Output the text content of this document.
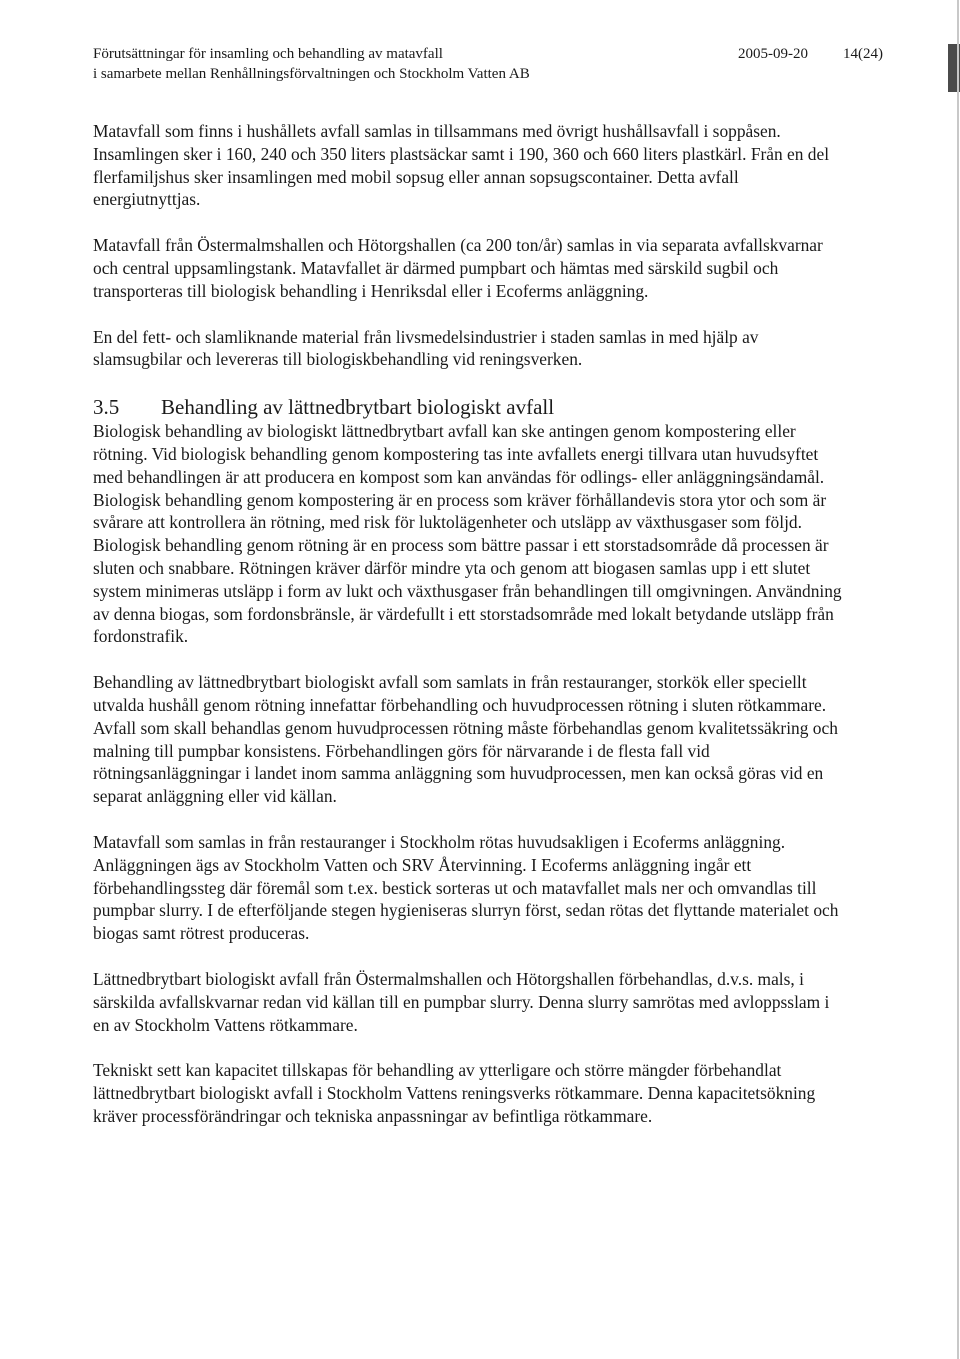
Förutsättningar för insamling och behandling av matavfall
i samarbete mellan Renhållningsförvaltningen och Stockholm Vatten AB
2005-09-20 14(24)

Matavfall som finns i hushållets avfall samlas in tillsammans med övrigt hushållsavfall i soppåsen. Insamlingen sker i 160, 240 och 350 liters plastsäckar samt i 190, 360 och 660 liters plastkärl. Från en del flerfamiljshus sker insamlingen med mobil sopsug eller annan sopsugscontainer. Detta avfall energiutnyttjas.

Matavfall från Östermalmshallen och Hötorgshallen (ca 200 ton/år) samlas in via separata avfallskvarnar och central uppsamlingstank. Matavfallet är därmed pumpbart och hämtas med särskild sugbil och transporteras till biologisk behandling i Henriksdal eller i Ecoferms anläggning.

En del fett- och slamliknande material från livsmedelsindustrier i staden samlas in med hjälp av slamsugbilar och levereras till biologiskbehandling vid reningsverken.

3.5 Behandling av lättnedbrytbart biologiskt avfall

Biologisk behandling av biologiskt lättnedbrytbart avfall kan ske antingen genom kompostering eller rötning. Vid biologisk behandling genom kompostering tas inte avfallets energi tillvara utan huvudsyftet med behandlingen är att producera en kompost som kan användas för odlings- eller anläggningsändamål. Biologisk behandling genom kompostering är en process som kräver förhållandevis stora ytor och som är svårare att kontrollera än rötning, med risk för luktolägenheter och utsläpp av växthusgaser som följd. Biologisk behandling genom rötning är en process som bättre passar i ett storstadsområde då processen är sluten och snabbare. Rötningen kräver därför mindre yta och genom att biogasen samlas upp i ett slutet system minimeras utsläpp i form av lukt och växthusgaser från behandlingen till omgivningen. Användning av denna biogas, som fordonsbränsle, är värdefullt i ett storstadsområde med lokalt betydande utsläpp från fordonstrafik.

Behandling av lättnedbrytbart biologiskt avfall som samlats in från restauranger, storkök eller speciellt utvalda hushåll genom rötning innefattar förbehandling och huvudprocessen rötning i sluten rötkammare. Avfall som skall behandlas genom huvudprocessen rötning måste förbehandlas genom kvalitetssäkring och malning till pumpbar konsistens. Förbehandlingen görs för närvarande i de flesta fall vid rötningsanläggningar i landet inom samma anläggning som huvudprocessen, men kan också göras vid en separat anläggning eller vid källan.

Matavfall som samlas in från restauranger i Stockholm rötas huvudsakligen i Ecoferms anläggning. Anläggningen ägs av Stockholm Vatten och SRV Återvinning. I Ecoferms anläggning ingår ett förbehandlingssteg där föremål som t.ex. bestick sorteras ut och matavfallet mals ner och omvandlas till pumpbar slurry. I de efterföljande stegen hygieniseras slurryn först, sedan rötas det flyttande materialet och biogas samt rötrest produceras.

Lättnedbrytbart biologiskt avfall från Östermalmshallen och Hötorgshallen förbehandlas, d.v.s. mals, i särskilda avfallskvarnar redan vid källan till en pumpbar slurry. Denna slurry samrötas med avloppsslam i en av Stockholm Vattens rötkammare.

Tekniskt sett kan kapacitet tillskapas för behandling av ytterligare och större mängder förbehandlat lättnedbrytbart biologiskt avfall i Stockholm Vattens reningsverks rötkammare. Denna kapacitetsökning kräver processförändringar och tekniska anpassningar av befintliga rötkammare.
